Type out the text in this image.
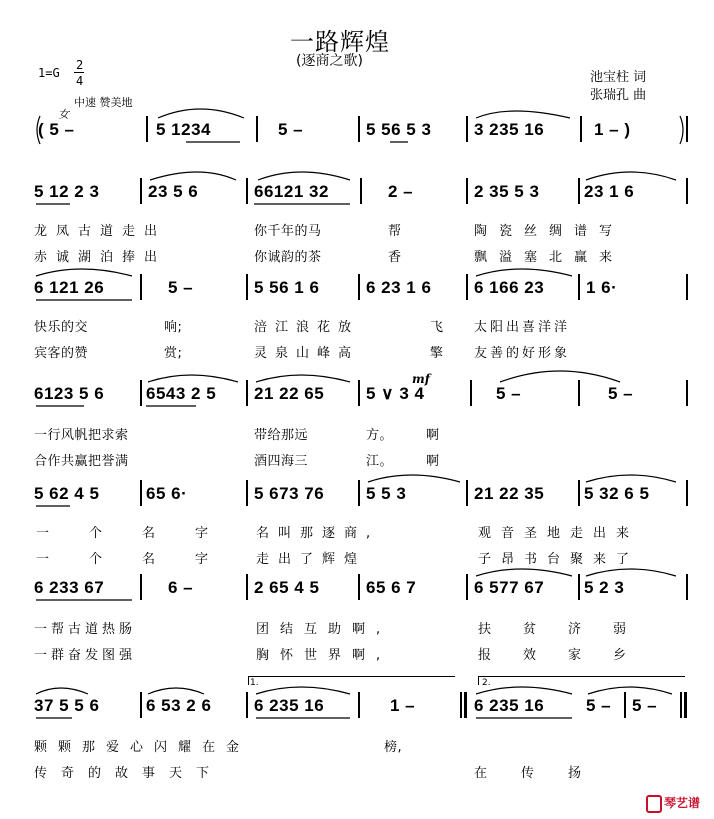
一路辉煌
(逐商之歌)
1=G
2
4
中速 赞美地
女
池宝柱 词
张瑞孔 曲
( 5 –	5 1234	5 –	5 56 5 3	3 235 16	1 – )
5 12 2 3	23 5 6	66121 32	2 –	2 35 5 3	23 1 6
龙凤古道走出	你千年的马	帮	陶瓷丝绸谱写
赤诚湖泊捧出	你诚韵的茶	香	飘溢塞北赢来
6 121 26	5 –	5 56 1 6	6 23 1 6	6 166 23 1 6·
快乐的交	响;	涪江浪花放	飞 太阳出喜洋洋
宾客的赞	赏;	灵泉山峰高	擎 友善的好形象
6123 5 6 6543 2 5 21 22 65 5 ∨ 3 4	5 –	5 –
mf
一行风帆把求索	带给那远	方。	啊
合作共赢把誉满	酒四海三	江。	啊
5 62 4 5	65 6·	5 673 76 5 5 3	21 22 35 5 32 6 5
一个名字 名叫那逐商,	观音圣地走出来
一个名字 走出了辉煌	子昂书台聚来了
6 233 67	6 –	2 65 4 5	65 6 7	6 577 67 5 2 3
一帮古道热肠	团结互助啊,	扶贫济弱
一群奋发图强	胸怀世界啊,	报效家乡
1.	2.
37 5 5 6	6 53 2 6	6 235 16	1 –	6 235 16 5 – 5 –
颗颗那爱心闪耀在金	榜,
传奇的故事天下	在传扬
琴艺谱
